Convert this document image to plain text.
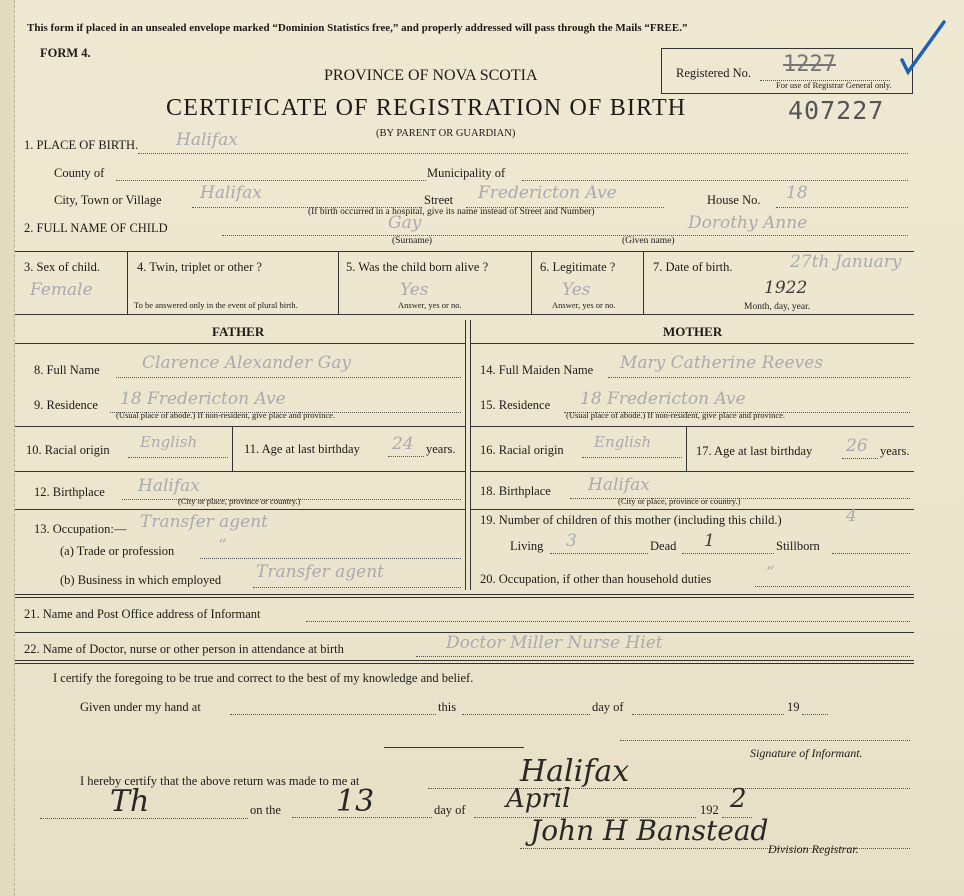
This form if placed in an unsealed envelope marked “Dominion Statistics free,” and properly addressed will pass through the Mails “FREE.”
FORM 4.
PROVINCE OF NOVA SCOTIA
CERTIFICATE OF REGISTRATION OF BIRTH
(BY PARENT OR GUARDIAN)
407227
Registered No. 1227
For use of Registrar General only.
1. PLACE OF BIRTH. Halifax
County of	Municipality of
City, Town or Village Halifax	Street Fredericton Ave	House No. 18
(If birth occurred in a hospital, give its name instead of Street and Number)
2. FULL NAME OF CHILD	Gay	Dorothy Anne
(Surname)	(Given name)
3. Sex of child.
Female
4. Twin, triplet or other ?
To be answered only in the event of plural birth.
5. Was the child born alive ?
Yes
Answer, yes or no.
6. Legitimate ?
Yes
Answer, yes or no.
7. Date of birth.	27th January
1922
Month, day, year.
FATHER	MOTHER
8. Full Name Clarence Alexander Gay
9. Residence 18 Fredericton Ave
(Usual place of abode.) If non-resident, give place and province.
10. Racial origin English	11. Age at last birthday 24 years.
12. Birthplace Halifax
(City or place, province or country.)
13. Occupation:— Transfer agent
(a) Trade or profession	“
(b) Business in which employed Transfer agent
14. Full Maiden Name Mary Catherine Reeves
15. Residence 18 Fredericton Ave
(Usual place of abode.) If non-resident, give place and province.
16. Racial origin English	17. Age at last birthday 26 years.
18. Birthplace Halifax
(City or place, province or country.)
19. Number of children of this mother (including this child.)	4
Living 3	Dead 1	Stillborn
20. Occupation, if other than household duties	“
21. Name and Post Office address of Informant
22. Name of Doctor, nurse or other person in attendance at birth	Doctor Miller Nurse Hiet
I certify the foregoing to be true and correct to the best of my knowledge and belief.
Given under my hand at	this	day of	19
Signature of Informant.
I hereby certify that the above return was made to me at	Halifax
Th	on the 13	day of April	192 2
John H Banstead
Division Registrar.
